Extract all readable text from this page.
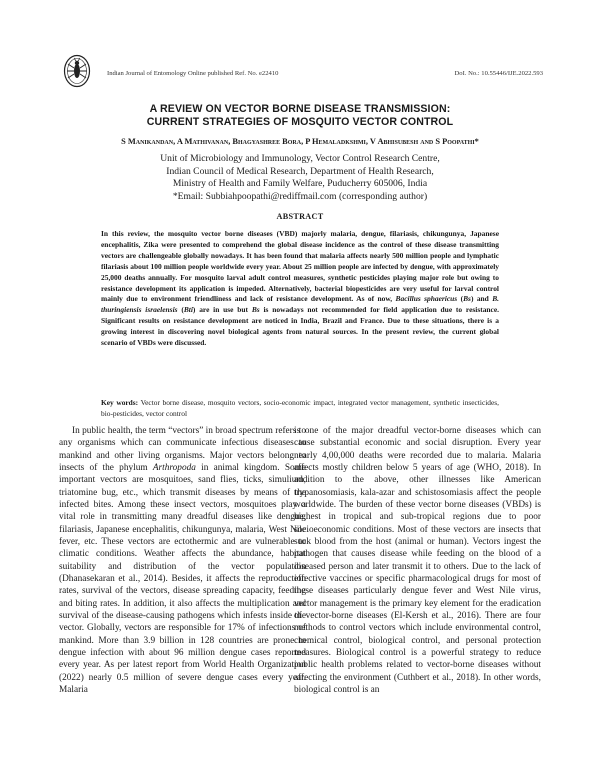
Indian Journal of Entomology Online published Ref. No. e22410	DoI. No.: 10.55446/IJE.2022.593
A REVIEW ON VECTOR BORNE DISEASE TRANSMISSION:
CURRENT STRATEGIES OF MOSQUITO VECTOR CONTROL
S Manikandan, A Mathivanan, Bhagyashree Bora, P Hemaladkshmi, V Abhisubesh and S Poopathi*
Unit of Microbiology and Immunology, Vector Control Research Centre,
Indian Council of Medical Research, Department of Health Research,
Ministry of Health and Family Welfare, Puducherry 605006, India
*Email: Subbiahpoopathi@rediffmail.com (corresponding author)
ABSTRACT
In this review, the mosquito vector borne diseases (VBD) majorly malaria, dengue, filariasis, chikungunya, Japanese encephalitis, Zika were presented to comprehend the global disease incidence as the control of these disease transmitting vectors are challengeable globally nowadays. It has been found that malaria affects nearly 500 million people and lymphatic filariasis about 100 million people worldwide every year. About 25 million people are infected by dengue, with approximately 25,000 deaths annually. For mosquito larval adult control measures, synthetic pesticides playing major role but owing to resistance development its application is impeded. Alternatively, bacterial biopesticides are very useful for larval control mainly due to environment friendliness and lack of resistance development. As of now, Bacillus sphaericus (Bs) and B. thuringiensis israelensis (Bti) are in use but Bs is nowadays not recommended for field application due to resistance. Significant results on resistance development are noticed in India, Brazil and France. Due to these situations, there is a growing interest in discovering novel biological agents from natural sources. In the present review, the current global scenario of VBDs were discussed.
Key words: Vector borne disease, mosquito vectors, socio-economic impact, integrated vector management, synthetic insecticides, bio-pesticides, vector control
In public health, the term “vectors” in broad spectrum refers to any organisms which can communicate infectious diseases to mankind and other living organisms. Major vectors belong to insects of the phylum Arthropoda in animal kingdom. Some important vectors are mosquitoes, sand flies, ticks, simulium, triatomine bug, etc., which transmit diseases by means of the infected bites. Among these insect vectors, mosquitoes play a vital role in transmitting many dreadful diseases like dengue, filariasis, Japanese encephalitis, chikungunya, malaria, West Nile fever, etc. These vectors are ectothermic and are vulnerable to climatic conditions. Weather affects the abundance, habitat suitability and distribution of the vector population (Dhanasekaran et al., 2014). Besides, it affects the reproduction rates, survival of the vectors, disease spreading capacity, feeding and biting rates. In addition, it also affects the multiplication and survival of the disease-causing pathogens which infests inside the vector. Globally, vectors are responsible for 17% of infections of mankind. More than 3.9 billion in 128 countries are prone to dengue infection with about 96 million dengue cases reported every year. As per latest report from World Health Organization (2022) nearly 0.5 million of severe dengue cases every year. Malaria
is one of the major dreadful vector-borne diseases which can cause substantial economic and social disruption. Every year nearly 4,00,000 deaths were recorded due to malaria. Malaria affects mostly children below 5 years of age (WHO, 2018). In addition to the above, other illnesses like American trypanosomiasis, kala-azar and schistosomiasis affect the people worldwide. The burden of these vector borne diseases (VBDs) is highest in tropical and sub-tropical regions due to poor socioeconomic conditions. Most of these vectors are insects that suck blood from the host (animal or human). Vectors ingest the pathogen that causes disease while feeding on the blood of a diseased person and later transmit it to others. Due to the lack of effective vaccines or specific pharmacological drugs for most of these diseases particularly dengue fever and West Nile virus, vector management is the primary key element for the eradication of vector-borne diseases (El-Kersh et al., 2016). There are four methods to control vectors which include environmental control, chemical control, biological control, and personal protection measures. Biological control is a powerful strategy to reduce public health problems related to vector-borne diseases without affecting the environment (Cuthbert et al., 2018). In other words, biological control is an
